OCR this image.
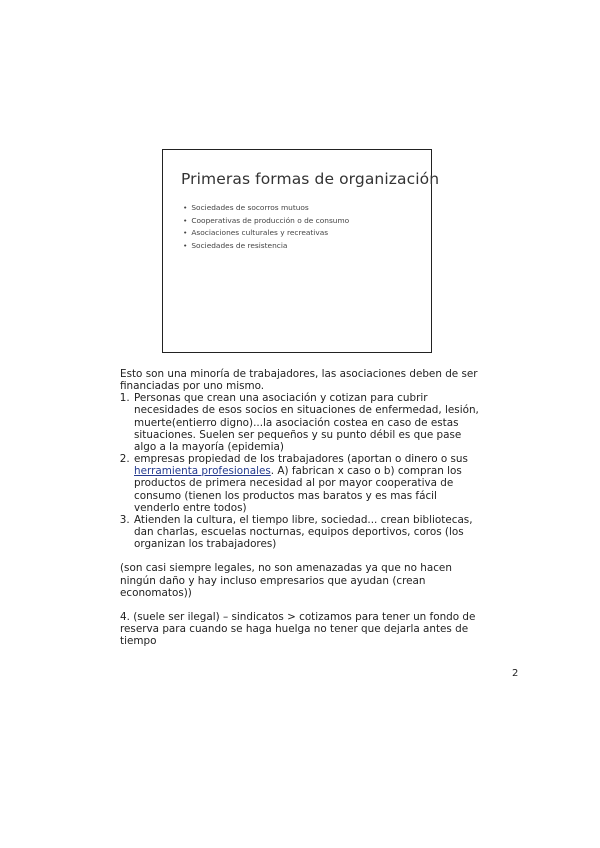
Primeras formas de organización
• Sociedades de socorros mutuos
• Cooperativas de producción o de consumo
• Asociaciones culturales y recreativas
• Sociedades de resistencia

Esto son una minoría de trabajadores, las asociaciones deben de ser financiadas por uno mismo.

1. Personas que crean una asociación y cotizan para cubrir necesidades de esos socios en situaciones de enfermedad, lesión, muerte(entierro digno)...la asociación costea en caso de estas situaciones. Suelen ser pequeños y su punto débil es que pase algo a la mayoría (epidemia)
2. empresas propiedad de los trabajadores (aportan o dinero o sus herramienta profesionales. A) fabrican x caso o b) compran los productos de primera necesidad al por mayor cooperativa de consumo (tienen los productos mas baratos y es mas fácil venderlo entre todos)
3. Atienden la cultura, el tiempo libre, sociedad... crean bibliotecas, dan charlas, escuelas nocturnas, equipos deportivos, coros (los organizan los trabajadores)

(son casi siempre legales, no son amenazadas ya que no hacen ningún daño y hay incluso empresarios que ayudan (crean economatos))

4. (suele ser ilegal) – sindicatos > cotizamos para tener un fondo de reserva para cuando se haga huelga no tener que dejarla antes de tiempo

2
